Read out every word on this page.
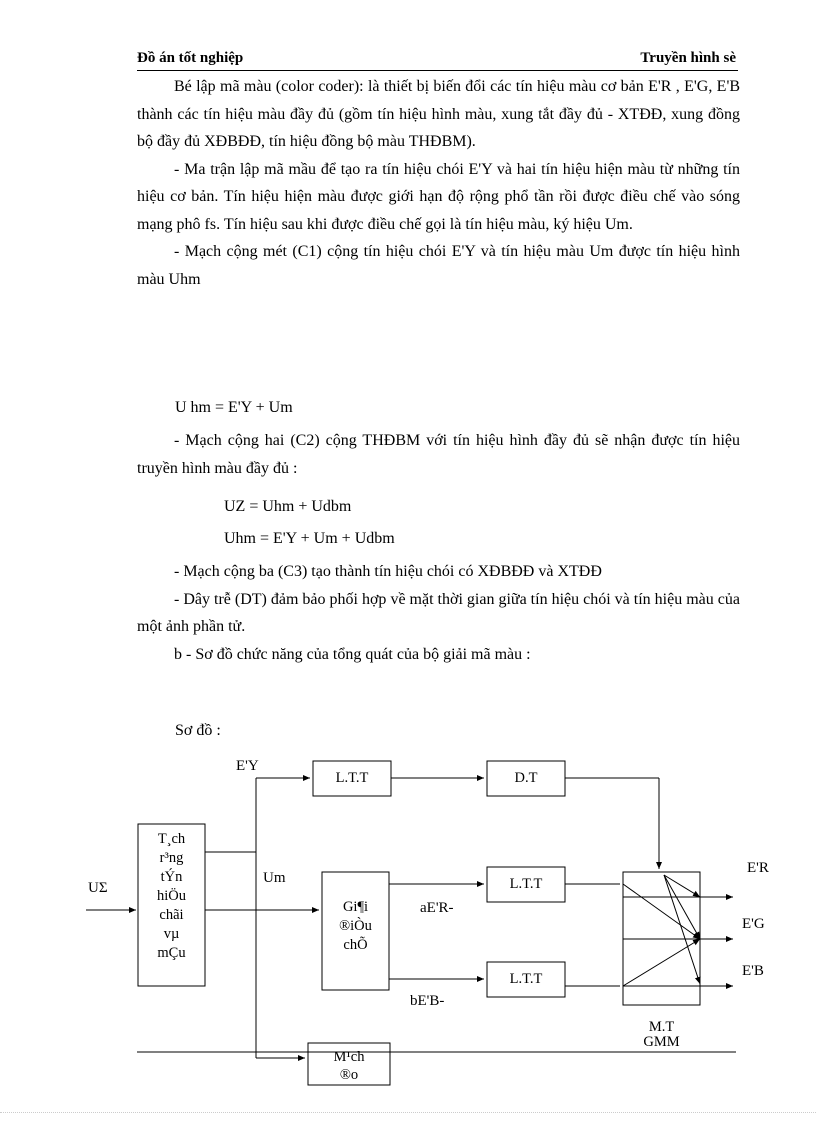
Đồ án tốt nghiệp	Truyền hình sè

Bé lập mã màu (color coder): là thiết bị biến đổi các tín hiệu màu cơ bản E'R , E'G, E'B thành các tín hiệu màu đầy đủ (gồm tín hiệu hình màu, xung tắt đầy đủ - XTĐĐ, xung đồng bộ đầy đủ XĐBĐĐ, tín hiệu đồng bộ màu THĐBM).

- Ma trận lập mã mầu để tạo ra tín hiệu chói E'Y và hai tín hiệu hiện màu từ những tín hiệu cơ bản. Tín hiệu hiện màu được giới hạn độ rộng phổ tần rồi được điều chế vào sóng mạng phô fs. Tín hiệu sau khi được điều chế gọi là tín hiệu màu, ký hiệu Um.

- Mạch cộng mét (C1) cộng tín hiệu chói E'Y và tín hiệu màu Um được tín hiệu hình màu Uhm

U hm = E'Y + Um

- Mạch cộng hai (C2) cộng THĐBM với tín hiệu hình đầy đủ sẽ nhận được tín hiệu truyền hình màu đầy đủ :

UZ = Uhm + Udbm
Uhm = E'Y + Um + Udbm

- Mạch cộng ba (C3) tạo thành tín hiệu chói có XĐBĐĐ và XTĐĐ

- Dây trễ (DT) đảm bảo phối hợp về mặt thời gian giữa tín hiệu chói và tín hiệu màu của một ảnh phần tử.

b - Sơ đồ chức năng của tổng quát của bộ giải mã màu :

Sơ đồ :
UΣ
T¸ch
r³ng
tÝn
hiÖu
chãi
vµ
mÇu
E'Y
Um
L.T.T	D.T
Gi¶i
®iÒu
chÕ
aE'R-
bE'B-
L.T.T
L.T.T
E'R
E'G
E'B
M.T
GMM
M¹ch
®o
